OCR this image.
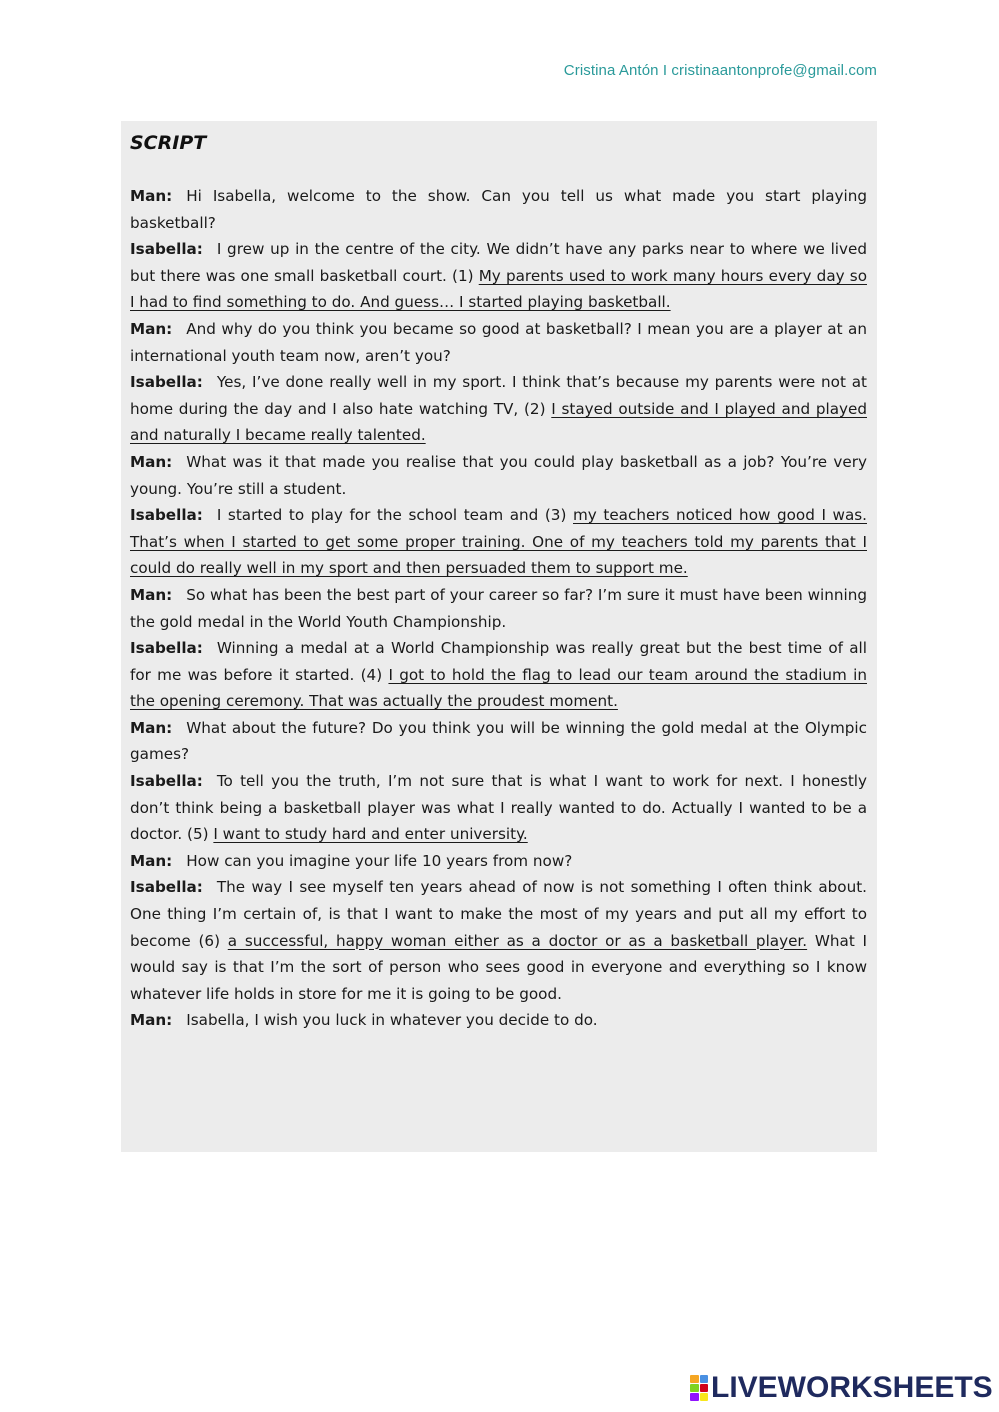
Cristina Antón I cristinaantonprofe@gmail.com
SCRIPT

Man: Hi Isabella, welcome to the show. Can you tell us what made you start playing basketball?

Isabella: I grew up in the centre of the city. We didn’t have any parks near to where we lived but there was one small basketball court. (1) My parents used to work many hours every day so I had to find something to do. And guess… I started playing basketball.

Man: And why do you think you became so good at basketball? I mean you are a player at an international youth team now, aren’t you?

Isabella: Yes, I’ve done really well in my sport. I think that’s because my parents were not at home during the day and I also hate watching TV, (2) I stayed outside and I played and played and naturally I became really talented.

Man: What was it that made you realise that you could play basketball as a job? You’re very young. You’re still a student.

Isabella: I started to play for the school team and (3) my teachers noticed how good I was. That’s when I started to get some proper training. One of my teachers told my parents that I could do really well in my sport and then persuaded them to support me.

Man: So what has been the best part of your career so far? I’m sure it must have been winning the gold medal in the World Youth Championship.

Isabella: Winning a medal at a World Championship was really great but the best time of all for me was before it started. (4) I got to hold the flag to lead our team around the stadium in the opening ceremony. That was actually the proudest moment.

Man: What about the future? Do you think you will be winning the gold medal at the Olympic games?

Isabella: To tell you the truth, I’m not sure that is what I want to work for next. I honestly don’t think being a basketball player was what I really wanted to do. Actually I wanted to be a doctor. (5) I want to study hard and enter university.

Man: How can you imagine your life 10 years from now?

Isabella: The way I see myself ten years ahead of now is not something I often think about. One thing I’m certain of, is that I want to make the most of my years and put all my effort to become (6) a successful, happy woman either as a doctor or as a basketball player. What I would say is that I’m the sort of person who sees good in everyone and everything so I know whatever life holds in store for me it is going to be good.

Man: Isabella, I wish you luck in whatever you decide to do.

LIVEWORKSHEETS
